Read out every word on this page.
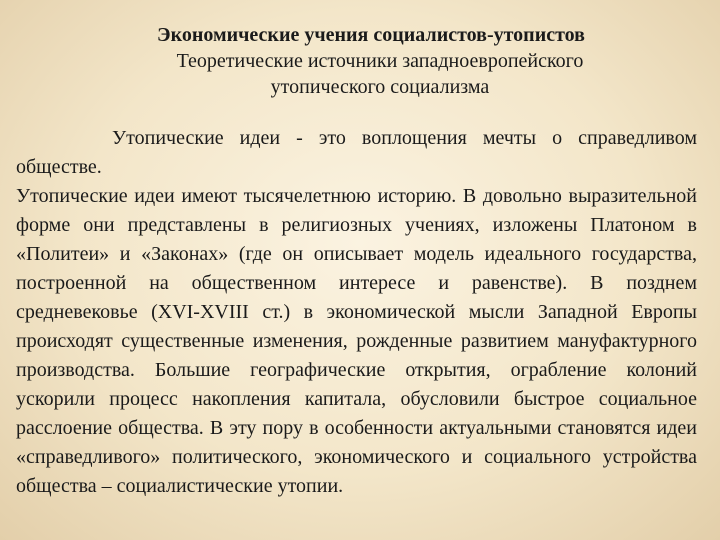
Экономические учения социалистов-утопистов
Теоретические источники западноевропейского
утопического социализма

Утопические идеи - это воплощения мечты о справедливом обществе.

Утопические идеи имеют тысячелетнюю историю. В довольно выразительной форме они представлены в религиозных учениях, изложены Платоном в «Политеи» и «Законах» (где он описывает модель идеального государства, построенной на общественном интересе и равенстве). В позднем средневековье (XVI-XVIII ст.) в экономической мысли Западной Европы происходят существенные изменения, рожденные развитием мануфактурного производства. Большие географические открытия, ограбление колоний ускорили процесс накопления капитала, обусловили быстрое социальное расслоение общества. В эту пору в особенности актуальными становятся идеи «справедливого» политического, экономического и социального устройства общества – социалистические утопии.
